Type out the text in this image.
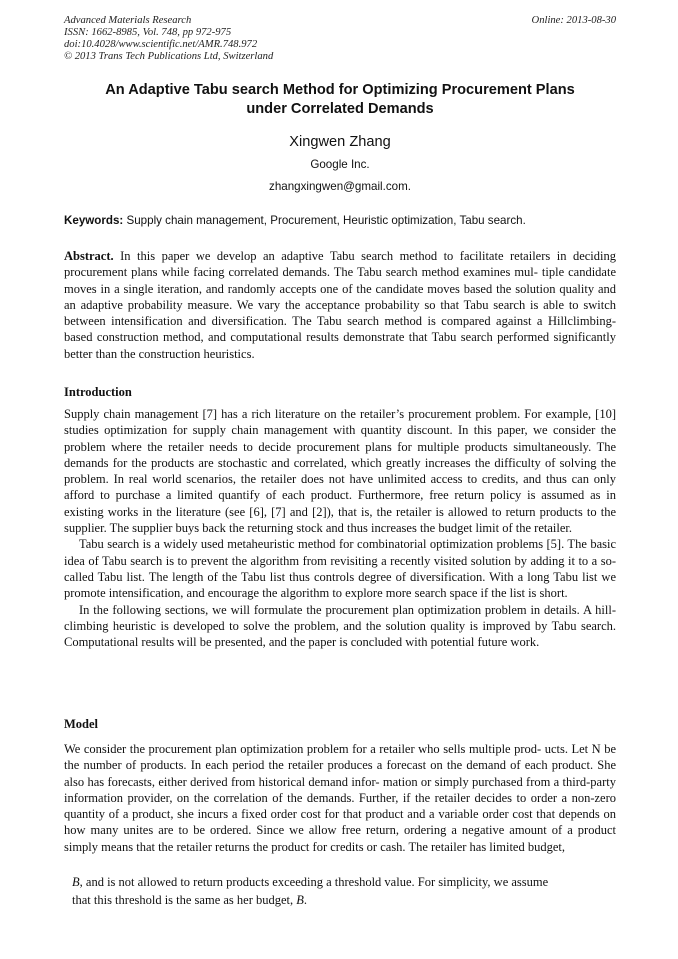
Advanced Materials Research
ISSN: 1662-8985, Vol. 748, pp 972-975
doi:10.4028/www.scientific.net/AMR.748.972
© 2013 Trans Tech Publications Ltd, Switzerland
Online: 2013-08-30
An Adaptive Tabu search Method for Optimizing Procurement Plans
under Correlated Demands
Xingwen Zhang
Google Inc.
zhangxingwen@gmail.com.
Keywords: Supply chain management, Procurement, Heuristic optimization, Tabu search.
Abstract. In this paper we develop an adaptive Tabu search method to facilitate retailers in deciding procurement plans while facing correlated demands. The Tabu search method examines mul- tiple candidate moves in a single iteration, and randomly accepts one of the candidate moves based the solution quality and an adaptive probability measure. We vary the acceptance probability so that Tabu search is able to switch between intensification and diversification. The Tabu search method is compared against a Hillclimbing- based construction method, and computational results demonstrate that Tabu search performed significantly better than the construction heuristics.
Introduction

Supply chain management [7] has a rich literature on the retailer’s procurement problem. For example, [10] studies optimization for supply chain management with quantity discount. In this paper, we consider the problem where the retailer needs to decide procurement plans for multiple products simultaneously. The demands for the products are stochastic and correlated, which greatly increases the difficulty of solving the problem. In real world scenarios, the retailer does not have unlimited access to credits, and thus can only afford to purchase a limited quantify of each product. Furthermore, free return policy is assumed as in existing works in the literature (see [6], [7] and [2]), that is, the retailer is allowed to return products to the supplier. The supplier buys back the returning stock and thus increases the budget limit of the retailer.

Tabu search is a widely used metaheuristic method for combinatorial optimization problems [5]. The basic idea of Tabu search is to prevent the algorithm from revisiting a recently visited solution by adding it to a so-called Tabu list. The length of the Tabu list thus controls degree of diversification. With a long Tabu list we promote intensification, and encourage the algorithm to explore more search space if the list is short.

In the following sections, we will formulate the procurement plan optimization problem in details. A hill- climbing heuristic is developed to solve the problem, and the solution quality is improved by Tabu search. Computational results will be presented, and the paper is concluded with potential future work.

Model

We consider the procurement plan optimization problem for a retailer who sells multiple prod- ucts. Let N be the number of products. In each period the retailer produces a forecast on the demand of each product. She also has forecasts, either derived from historical demand infor- mation or simply purchased from a third-party information provider, on the correlation of the demands. Further, if the retailer decides to order a non-zero quantity of a product, she incurs a fixed order cost for that product and a variable order cost that depends on how many unites are to be ordered. Since we allow free return, ordering a negative amount of a product simply means that the retailer returns the product for credits or cash. The retailer has limited budget,

B, and is not allowed to return products exceeding a threshold value. For simplicity, we assume
that this threshold is the same as her budget, B.
